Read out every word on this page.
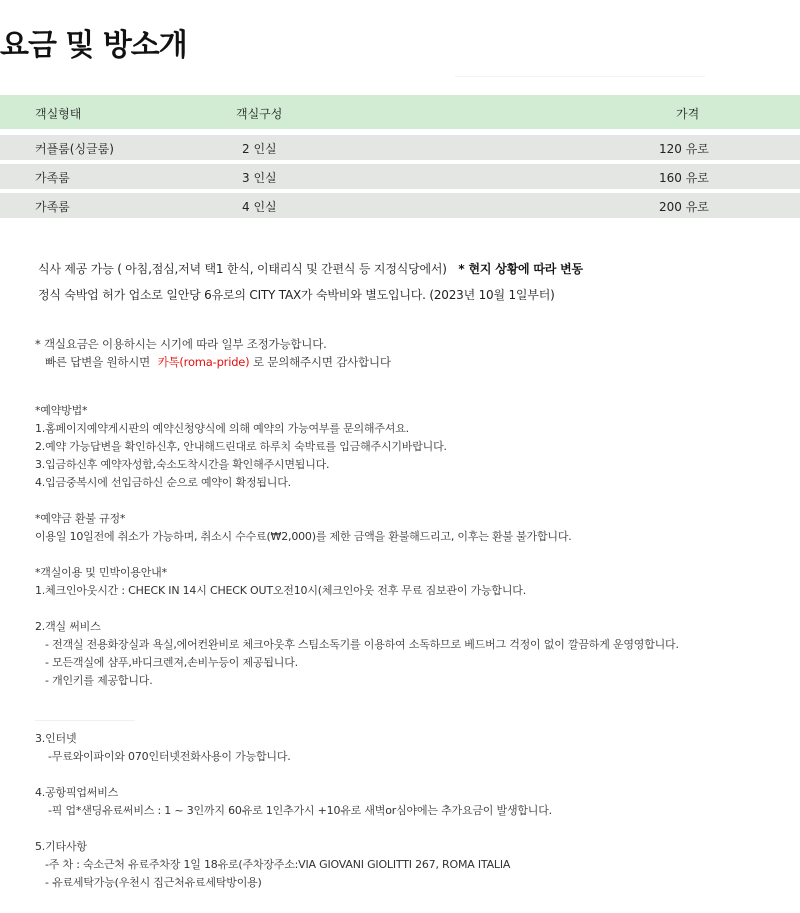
요금 및 방소개
객실형태	객실구성	가격
커플룸(싱글룸)	2 인실	120 유로
가족룸	3 인실	160 유로
가족룸	4 인실	200 유로
식사 제공 가능 ( 아침,점심,저녁 택1 한식, 이태리식 및 간편식 등 지정식당에서) * 현지 상황에 따라 변동
정식 숙박업 허가 업소로 일안당 6유로의 CITY TAX가 숙박비와 별도입니다. (2023년 10월 1일부터)
* 객실요금은 이용하시는 시기에 따라 일부 조정가능합니다.
빠른 답변을 원하시면 카톡(roma-pride) 로 문의해주시면 감사합니다
*예약방법*
1.홈페이지예약게시판의 예약신청양식에 의해 예약의 가능여부를 문의해주셔요.
2.예약 가능답변을 확인하신후, 안내해드린대로 하루치 숙박료를 입금해주시기바랍니다.
3.입금하신후 예약자성함,숙소도착시간을 확인해주시면됩니다.
4.입금중복시에 선입금하신 순으로 예약이 확정됩니다.
*예약금 환불 규정*
이용일 10일전에 취소가 가능하며, 취소시 수수료(₩2,000)를 제한 금액을 환불해드리고, 이후는 환불 불가합니다.
*객실이용 및 민박이용안내*
1.체크인아웃시간 : CHECK IN 14시 CHECK OUT오전10시(체크인아웃 전후 무료 짐보관이 가능합니다.
2.객실 써비스
- 전객실 전용화장실과 욕실,에어컨완비로 체크아웃후 스팀소독기를 이용하여 소독하므로 베드버그 걱정이 없이 깔끔하게 운영영합니다.
- 모든객실에 샴푸,바디크렌져,손비누등이 제공됩니다.
- 개인키를 제공합니다.
3.인터넷
-무료와이파이와 070인터넷전화사용이 가능합니다.
4.공항픽업써비스
-픽 업*샌딩유료써비스 : 1 ~ 3인까지 60유로 1인추가시 +10유로 새벽or심야에는 추가요금이 발생합니다.
5.기타사항
-주 차 : 숙소근처 유료주차장 1일 18유로(주차장주소:VIA GIOVANI GIOLITTI 267, ROMA ITALIA
- 유료세탁가능(우천시 집근처유료세탁방이용)
